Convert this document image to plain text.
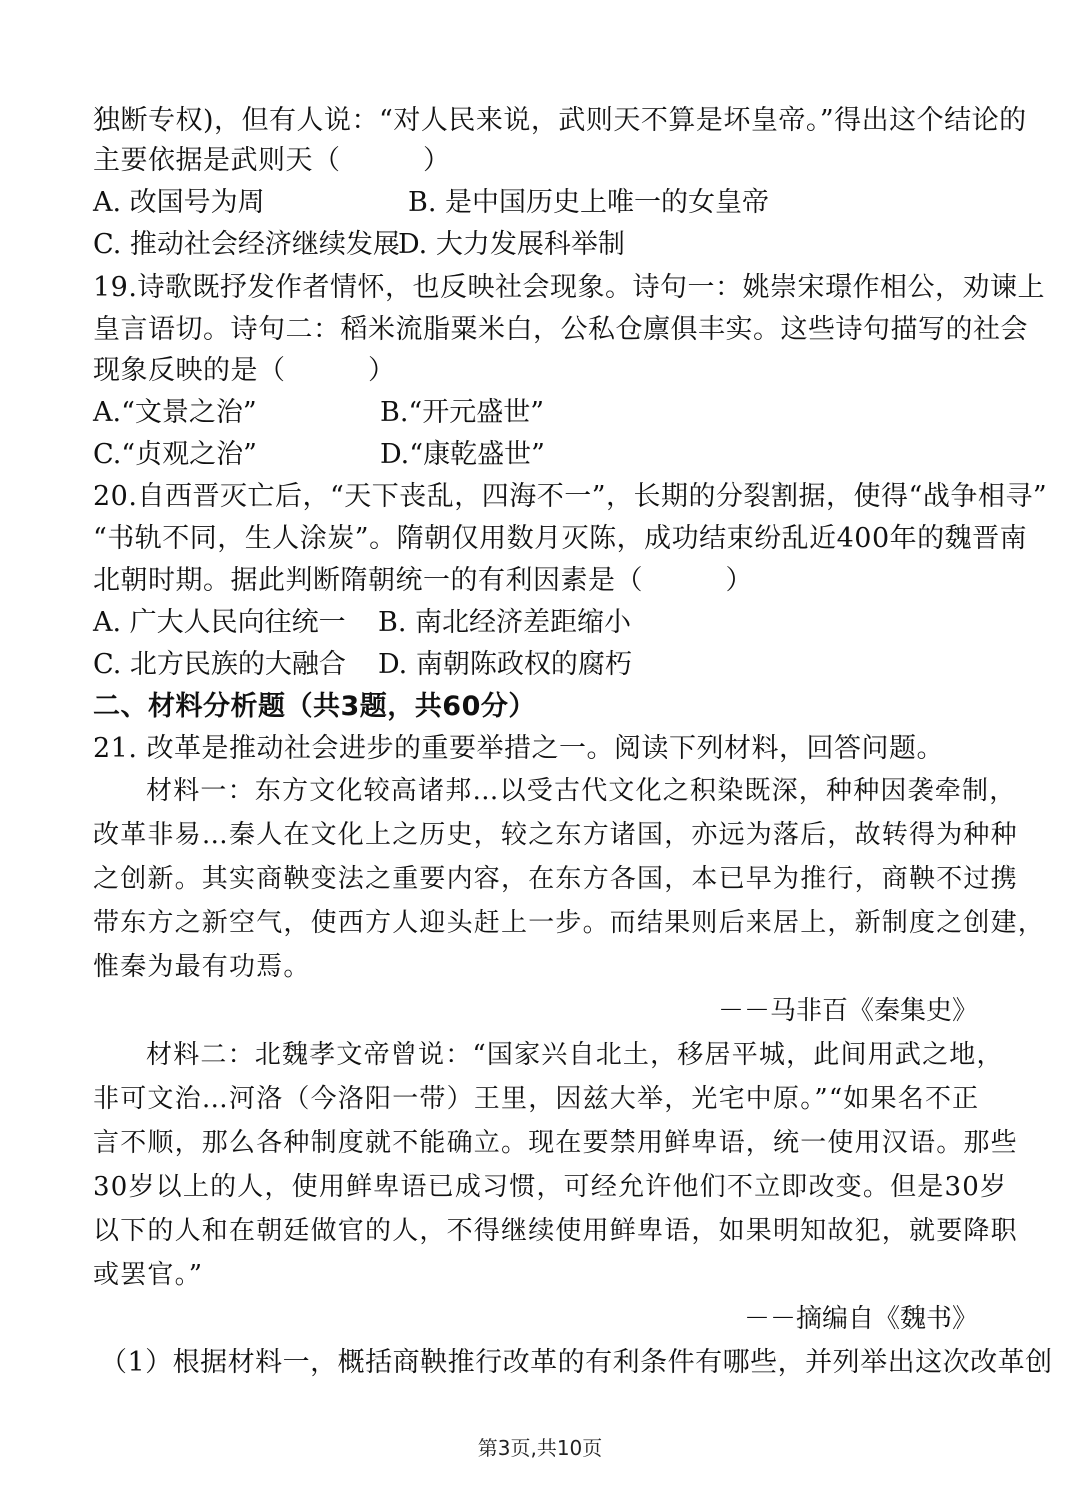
独断专权)，但有人说：“对人民来说，武则天不算是坏皇帝。”得出这个结论的
主要依据是武则天（　　　）
A. 改国号为周	B. 是中国历史上唯一的女皇帝
C. 推动社会经济继续发展
D. 大力发展科举制
19.诗歌既抒发作者情怀，也反映社会现象。诗句一：姚崇宋璟作相公，劝谏上
皇言语切。诗句二：稻米流脂粟米白，公私仓廪俱丰实。这些诗句描写的社会
现象反映的是（　　　）
A.“文景之治”	B.“开元盛世”
C.“贞观之治”	D.“康乾盛世”
20.自西晋灭亡后，“天下丧乱，四海不一”，长期的分裂割据，使得“战争相寻”
“书轨不同，生人涂炭”。隋朝仅用数月灭陈，成功结束纷乱近400年的魏晋南
北朝时期。据此判断隋朝统一的有利因素是（　　　）
A. 广大人民向往统一 B. 南北经济差距缩小
C. 北方民族的大融合 D. 南朝陈政权的腐朽
二、材料分析题（共3题，共60分）
21. 改革是推动社会进步的重要举措之一。阅读下列材料，回答问题。
材料一：东方文化较高诸邦…以受古代文化之积染既深，种种因袭牵制，
改革非易…秦人在文化上之历史，较之东方诸国，亦远为落后，故转得为种种
之创新。其实商鞅变法之重要内容，在东方各国，本已早为推行，商鞅不过携
带东方之新空气，使西方人迎头赶上一步。而结果则后来居上，新制度之创建，
惟秦为最有功焉。
－－马非百《秦集史》
材料二：北魏孝文帝曾说：“国家兴自北土，移居平城，此间用武之地，
非可文治…河洛（今洛阳一带）王里，因兹大举，光宅中原。”“如果名不正
言不顺，那么各种制度就不能确立。现在要禁用鲜卑语，统一使用汉语。那些
30岁以上的人，使用鲜卑语已成习惯，可经允许他们不立即改变。但是30岁
以下的人和在朝廷做官的人，不得继续使用鲜卑语，如果明知故犯，就要降职
或罢官。”
－－摘编自《魏书》
（1）根据材料一，概括商鞅推行改革的有利条件有哪些，并列举出这次改革创
第3页,共10页
